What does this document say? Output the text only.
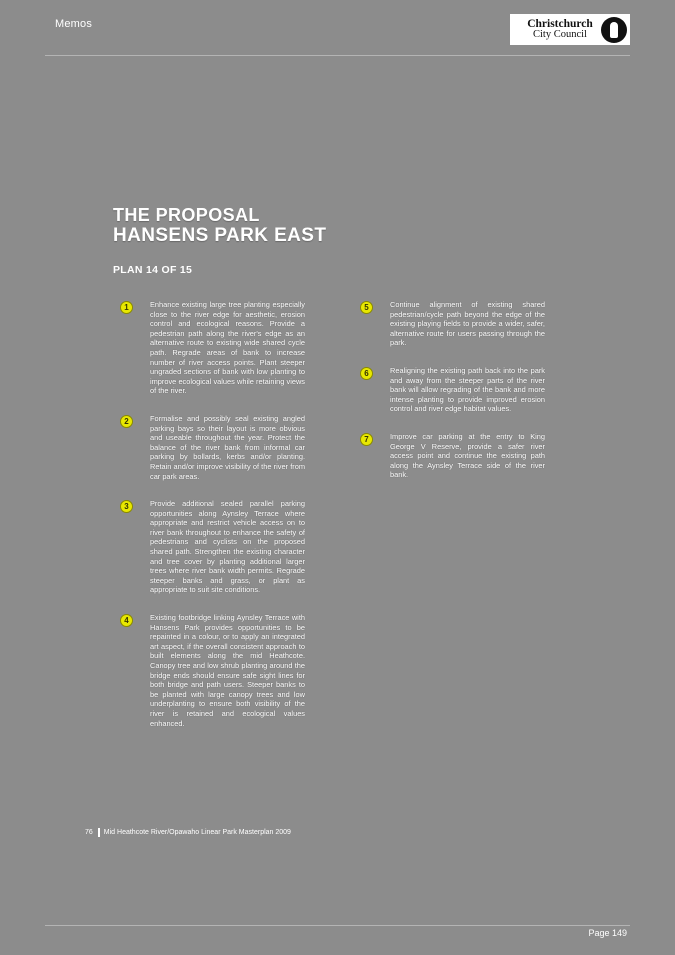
Memos	Christchurch
City Council
THE PROPOSAL
HANSENS PARK EAST
PLAN 14 OF 15
1	Enhance existing large tree planting especially close to the river edge for aesthetic, erosion control and ecological reasons. Provide a pedestrian path along the river's edge as an alternative route to existing wide shared cycle path. Regrade areas of bank to increase number of river access points. Plant steeper ungraded sections of bank with low planting to improve ecological values while retaining views of the river.
2	Formalise and possibly seal existing angled parking bays so their layout is more obvious and useable throughout the year. Protect the balance of the river bank from informal car parking by bollards, kerbs and/or planting. Retain and/or improve visibility of the river from car park areas.
3	Provide additional sealed parallel parking opportunities along Aynsley Terrace where appropriate and restrict vehicle access on to river bank throughout to enhance the safety of pedestrians and cyclists on the proposed shared path. Strengthen the existing character and tree cover by planting additional larger trees where river bank width permits. Regrade steeper banks and grass, or plant as appropriate to suit site conditions.
4	Existing footbridge linking Aynsley Terrace with Hansens Park provides opportunities to be repainted in a colour, or to apply an integrated art aspect, if the overall consistent approach to built elements along the mid Heathcote. Canopy tree and low shrub planting around the bridge ends should ensure safe sight lines for both bridge and path users. Steeper banks to be planted with large canopy trees and low underplanting to ensure both visibility of the river is retained and ecological values enhanced.
5	Continue alignment of existing shared pedestrian/cycle path beyond the edge of the existing playing fields to provide a wider, safer, alternative route for users passing through the park.
6	Realigning the existing path back into the park and away from the steeper parts of the river bank will allow regrading of the bank and more intense planting to provide improved erosion control and river edge habitat values.
7	Improve car parking at the entry to King George V Reserve, provide a safer river access point and continue the existing path along the Aynsley Terrace side of the river bank.
76 Mid Heathcote River/Opawaho Linear Park Masterplan 2009
Page 149
